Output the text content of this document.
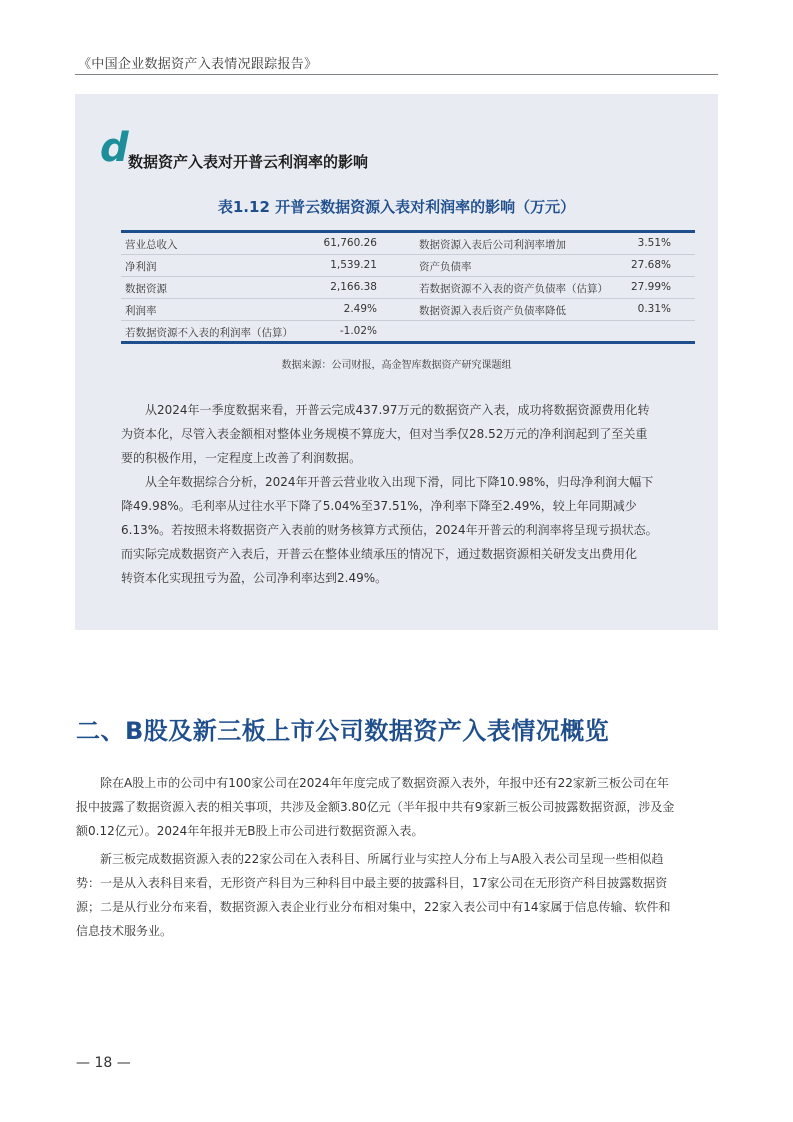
《中国企业数据资产入表情况跟踪报告》
d 数据资产入表对开普云利润率的影响
表1.12 开普云数据资源入表对利润率的影响（万元）
营业总收入	61,760.26	数据资源入表后公司利润率增加	3.51%
净利润	1,539.21	资产负债率	27.68%
数据资源	2,166.38	若数据资源不入表的资产负债率（估算） 27.99%
利润率	2.49%	数据资源入表后资产负债率降低	0.31%
若数据资源不入表的利润率（估算）	-1.02%
数据来源：公司财报，高金智库数据资产研究课题组
从2024年一季度数据来看，开普云完成437.97万元的数据资产入表，成功将数据资源费用化转
为资本化，尽管入表金额相对整体业务规模不算庞大，但对当季仅28.52万元的净利润起到了至关重
要的积极作用，一定程度上改善了利润数据。
从全年数据综合分析，2024年开普云营业收入出现下滑，同比下降10.98%，归母净利润大幅下
降49.98%。毛利率从过往水平下降了5.04%至37.51%，净利率下降至2.49%，较上年同期减少
6.13%。若按照未将数据资产入表前的财务核算方式预估，2024年开普云的利润率将呈现亏损状态。
而实际完成数据资产入表后，开普云在整体业绩承压的情况下，通过数据资源相关研发支出费用化
转资本化实现扭亏为盈，公司净利率达到2.49%。
二、B股及新三板上市公司数据资产入表情况概览
除在A股上市的公司中有100家公司在2024年年度完成了数据资源入表外，年报中还有22家新三板公司在年
报中披露了数据资源入表的相关事项，共涉及金额3.80亿元（半年报中共有9家新三板公司披露数据资源，涉及金
额0.12亿元）。2024年年报并无B股上市公司进行数据资源入表。
新三板完成数据资源入表的22家公司在入表科目、所属行业与实控人分布上与A股入表公司呈现一些相似趋
势：一是从入表科目来看，无形资产科目为三种科目中最主要的披露科目，17家公司在无形资产科目披露数据资
源；二是从行业分布来看，数据资源入表企业行业分布相对集中，22家入表公司中有14家属于信息传输、软件和
信息技术服务业。
— 18 —
